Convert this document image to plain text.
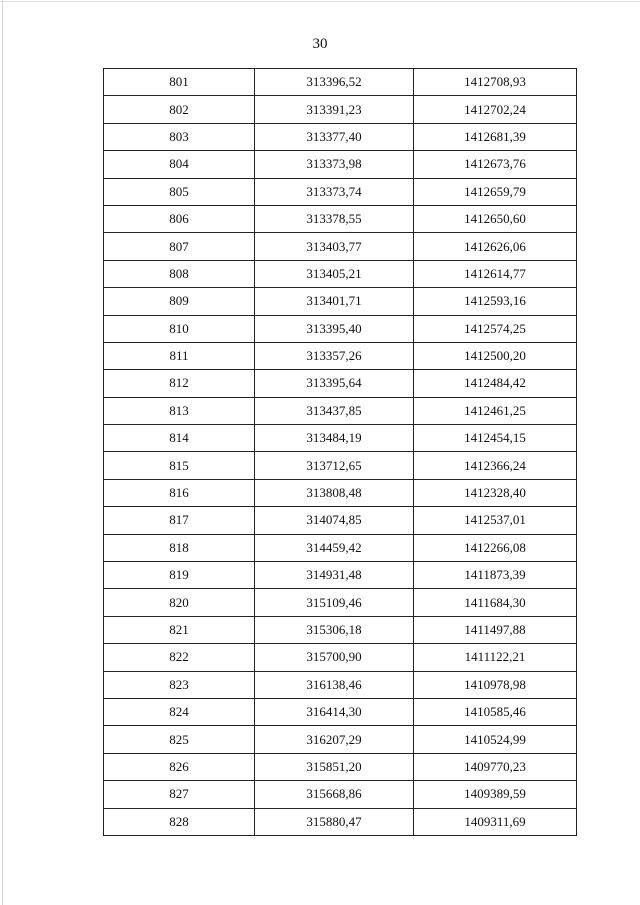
30
801	313396,52	1412708,93
802	313391,23	1412702,24
803	313377,40	1412681,39
804	313373,98	1412673,76
805	313373,74	1412659,79
806	313378,55	1412650,60
807	313403,77	1412626,06
808	313405,21	1412614,77
809	313401,71	1412593,16
810	313395,40	1412574,25
811	313357,26	1412500,20
812	313395,64	1412484,42
813	313437,85	1412461,25
814	313484,19	1412454,15
815	313712,65	1412366,24
816	313808,48	1412328,40
817	314074,85	1412537,01
818	314459,42	1412266,08
819	314931,48	1411873,39
820	315109,46	1411684,30
821	315306,18	1411497,88
822	315700,90	1411122,21
823	316138,46	1410978,98
824	316414,30	1410585,46
825	316207,29	1410524,99
826	315851,20	1409770,23
827	315668,86	1409389,59
828	315880,47	1409311,69
